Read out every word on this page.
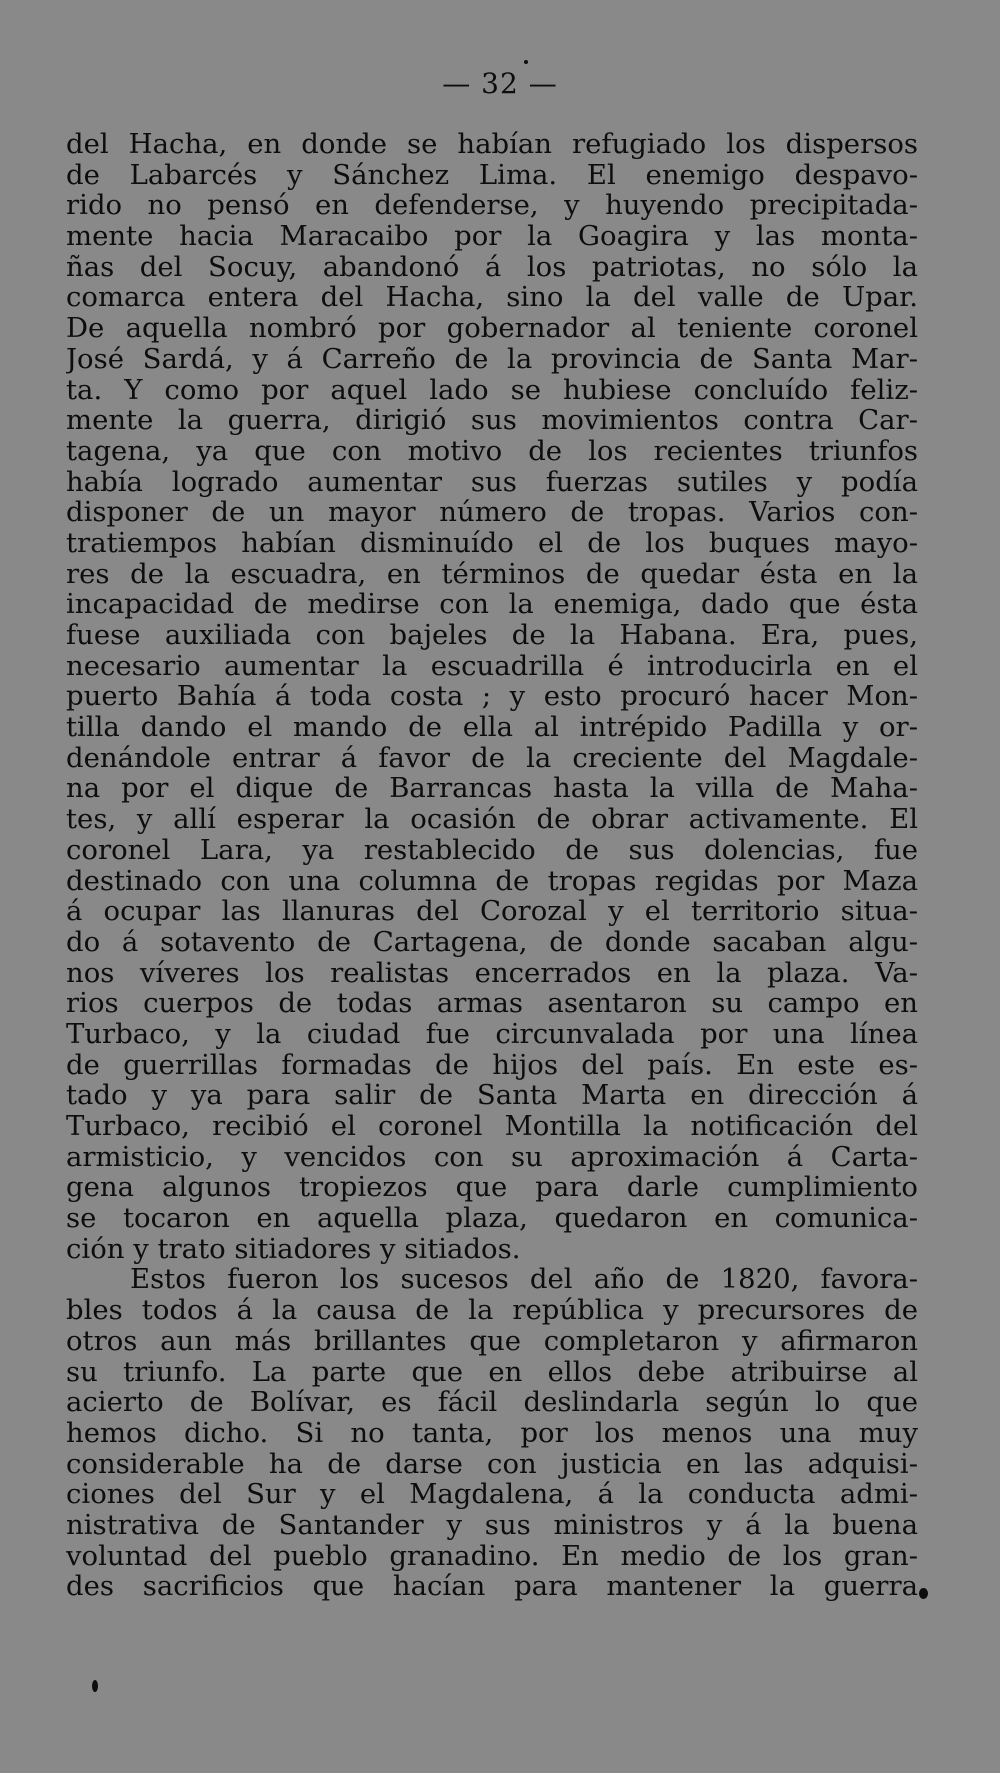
— 32 —
del Hacha, en donde se habían refugiado los dispersos
de Labarcés y Sánchez Lima. El enemigo despavo-
rido no pensó en defenderse, y huyendo precipitada-
mente hacia Maracaibo por la Goagira y las monta-
ñas del Socuy, abandonó á los patriotas, no sólo la
comarca entera del Hacha, sino la del valle de Upar.
De aquella nombró por gobernador al teniente coronel
José Sardá, y á Carreño de la provincia de Santa Mar-
ta. Y como por aquel lado se hubiese concluído feliz-
mente la guerra, dirigió sus movimientos contra Car-
tagena, ya que con motivo de los recientes triunfos
había logrado aumentar sus fuerzas sutiles y podía
disponer de un mayor número de tropas. Varios con-
tratiempos habían disminuído el de los buques mayo-
res de la escuadra, en términos de quedar ésta en la
incapacidad de medirse con la enemiga, dado que ésta
fuese auxiliada con bajeles de la Habana. Era, pues,
necesario aumentar la escuadrilla é introducirla en el
puerto Bahía á toda costa ; y esto procuró hacer Mon-
tilla dando el mando de ella al intrépido Padilla y or-
denándole entrar á favor de la creciente del Magdale-
na por el dique de Barrancas hasta la villa de Maha-
tes, y allí esperar la ocasión de obrar activamente. El
coronel Lara, ya restablecido de sus dolencias, fue
destinado con una columna de tropas regidas por Maza
á ocupar las llanuras del Corozal y el territorio situa-
do á sotavento de Cartagena, de donde sacaban algu-
nos víveres los realistas encerrados en la plaza. Va-
rios cuerpos de todas armas asentaron su campo en
Turbaco, y la ciudad fue circunvalada por una línea
de guerrillas formadas de hijos del país. En este es-
tado y ya para salir de Santa Marta en dirección á
Turbaco, recibió el coronel Montilla la notificación del
armisticio, y vencidos con su aproximación á Carta-
gena algunos tropiezos que para darle cumplimiento
se tocaron en aquella plaza, quedaron en comunica-
ción y trato sitiadores y sitiados.
Estos fueron los sucesos del año de 1820, favora-
bles todos á la causa de la república y precursores de
otros aun más brillantes que completaron y afirmaron
su triunfo. La parte que en ellos debe atribuirse al
acierto de Bolívar, es fácil deslindarla según lo que
hemos dicho. Si no tanta, por los menos una muy
considerable ha de darse con justicia en las adquisi-
ciones del Sur y el Magdalena, á la conducta admi-
nistrativa de Santander y sus ministros y á la buena
voluntad del pueblo granadino. En medio de los gran-
des sacrificios que hacían para mantener la guerra
